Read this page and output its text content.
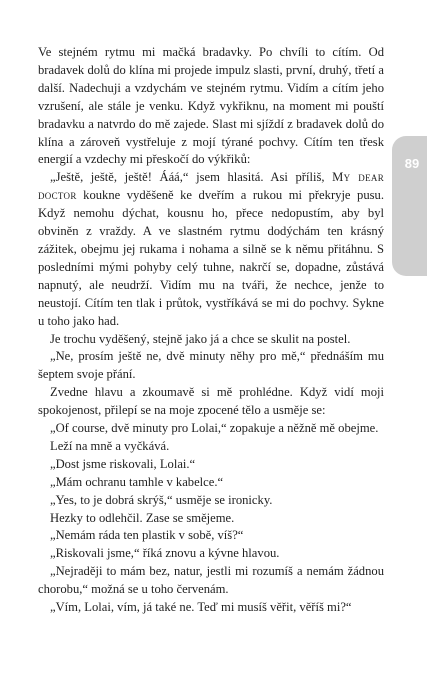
89

Ve stejném rytmu mi mačká bradavky. Po chvíli to cítím. Od bradavek dolů do klína mi projede impulz slasti, první, druhý, třetí a další. Nadechuji a vzdychám ve stejném rytmu. Vidím a cítím jeho vzrušení, ale stále je venku. Když vykřiknu, na moment mi pouští bradavku a natvrdo do mě zajede. Slast mi sjíždí z bradavek dolů do klína a zároveň vystřeluje z mojí týrané pochvy. Cítím ten třesk energií a vzdechy mi přeskočí do výkřiků:

„Ještě, ještě, ještě! Ááá,“ jsem hlasitá. Asi příliš, My dear doctor koukne vyděšeně ke dveřím a rukou mi překryje pusu. Když nemohu dýchat, kousnu ho, přece nedopustím, aby byl obviněn z vraždy. A ve slastném rytmu dodýchám ten krásný zážitek, obejmu jej rukama i nohama a silně se k němu přitáhnu. S posledními mými pohyby celý tuhne, nakrčí se, dopadne, zůstává napnutý, ale neudrží. Vidím mu na tváři, že nechce, jenže to neustojí. Cítím ten tlak i průtok, vystříkává se mi do pochvy. Sykne u toho jako had.

Je trochu vyděšený, stejně jako já a chce se skulit na postel.

„Ne, prosím ještě ne, dvě minuty něhy pro mě,“ přednáším mu šeptem svoje přání.

Zvedne hlavu a zkoumavě si mě prohlédne. Když vidí moji spokojenost, přilepí se na moje zpocené tělo a usměje se:

„Of course, dvě minuty pro Lolai,“ zopakuje a něžně mě obejme.

Leží na mně a vyčkává.

„Dost jsme riskovali, Lolai.“

„Mám ochranu tamhle v kabelce.“

„Yes, to je dobrá skrýš,“ usměje se ironicky.

Hezky to odlehčil. Zase se smějeme.

„Nemám ráda ten plastik v sobě, víš?“

„Riskovali jsme,“ říká znovu a kývne hlavou.

„Nejraději to mám bez, natur, jestli mi rozumíš a nemám žádnou chorobu,“ možná se u toho červenám.

„Vím, Lolai, vím, já také ne. Teď mi musíš věřit, věříš mi?“
